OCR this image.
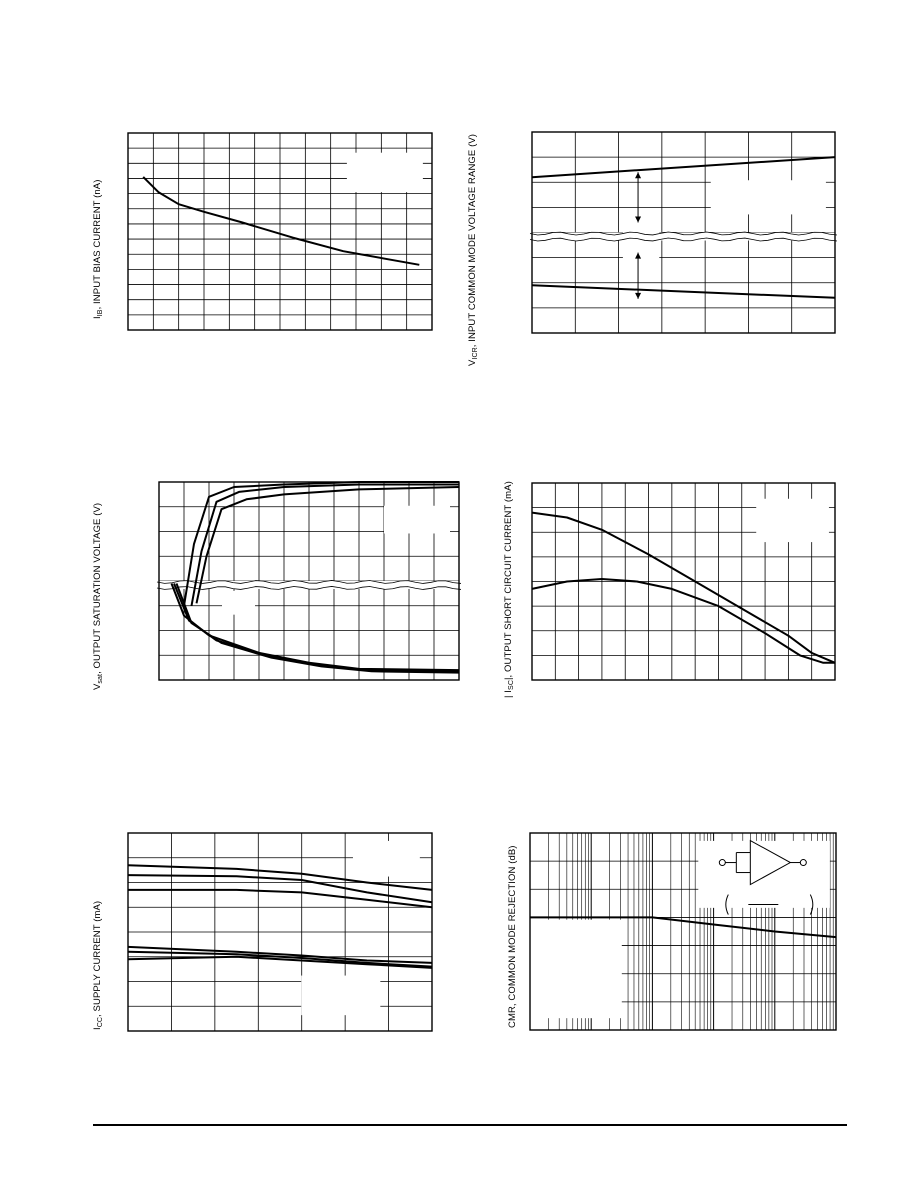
$I_{IB}$, INPUT BIAS CURRENT (nA)
$V_{ICR}$, INPUT COMMON MODE VOLTAGE RANGE (V)
$V_{sat}$, OUTPUT SATURATION VOLTAGE (V)
| $I_{SC}|$, OUTPUT SHORT CIRCUIT CURRENT (mA)
$I_{CC}$, SUPPLY CURRENT (mA)
CMR, COMMON MODE REJECTION (dB)
